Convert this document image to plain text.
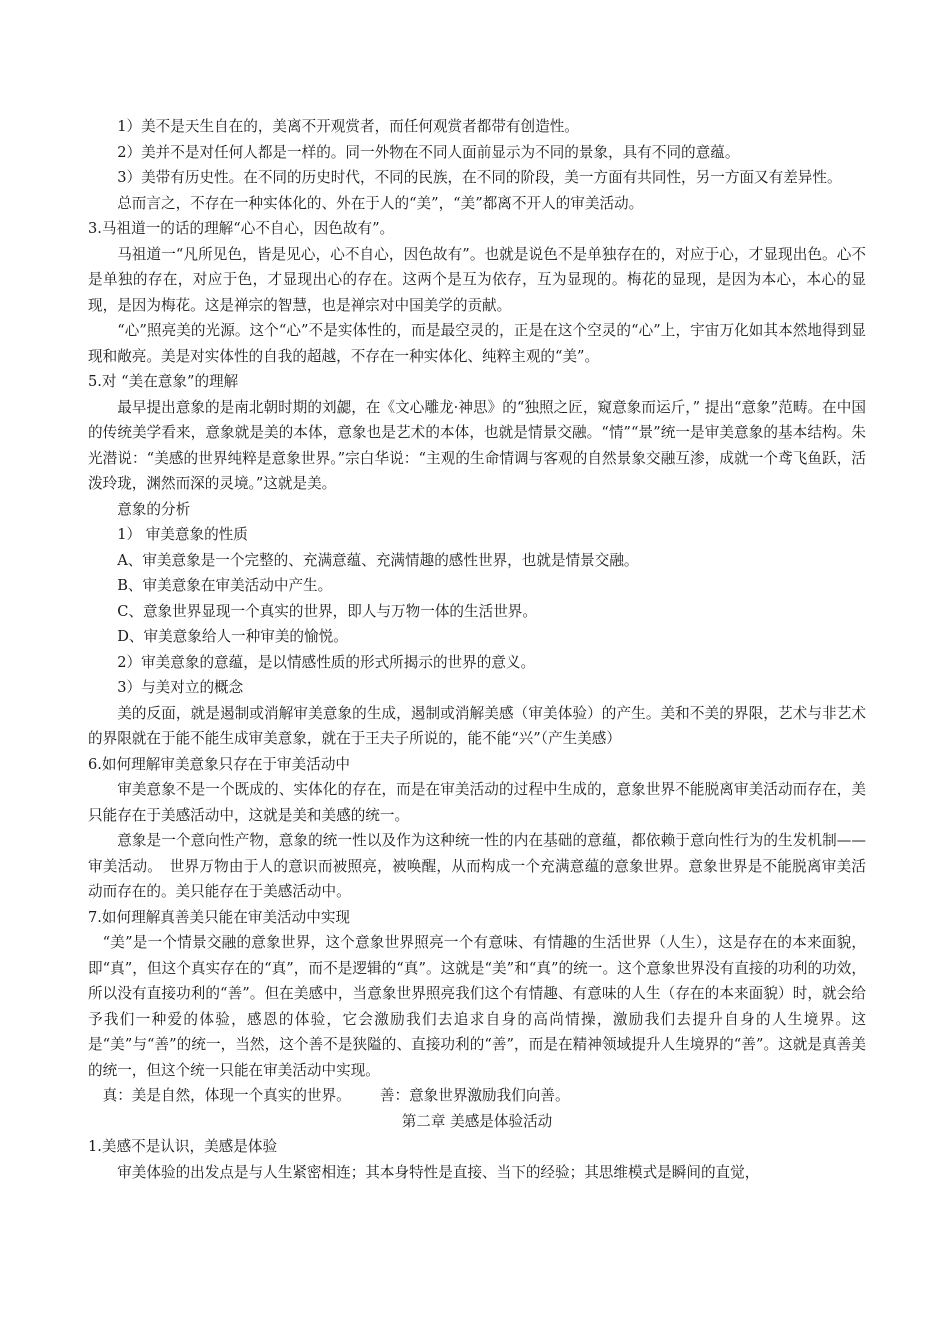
1）美不是天生自在的，美离不开观赏者，而任何观赏者都带有创造性。

2）美并不是对任何人都是一样的。同一外物在不同人面前显示为不同的景象，具有不同的意蕴。

3）美带有历史性。在不同的历史时代，不同的民族，在不同的阶段，美一方面有共同性，另一方面又有差异性。

总而言之，不存在一种实体化的、外在于人的“美”，“美”都离不开人的审美活动。

3.马祖道一的话的理解“心不自心，因色故有”。

马祖道一“凡所见色，皆是见心，心不自心，因色故有”。也就是说色不是单独存在的，对应于心，才显现出色。心不是单独的存在，对应于色，才显现出心的存在。这两个是互为依存，互为显现的。梅花的显现，是因为本心，本心的显现，是因为梅花。这是禅宗的智慧，也是禅宗对中国美学的贡献。

“心”照亮美的光源。这个“心”不是实体性的，而是最空灵的，正是在这个空灵的“心”上，宇宙万化如其本然地得到显现和敞亮。美是对实体性的自我的超越，不存在一种实体化、纯粹主观的“美”。

5.对 “美在意象”的理解

最早提出意象的是南北朝时期的刘勰，在《文心雕龙·神思》的“独照之匠，窥意象而运斤，” 提出“意象”范畴。在中国的传统美学看来，意象就是美的本体，意象也是艺术的本体，也就是情景交融。“情”“景”统一是审美意象的基本结构。朱光潜说：“美感的世界纯粹是意象世界。”宗白华说：“主观的生命情调与客观的自然景象交融互渗，成就一个鸢飞鱼跃，活泼玲珑，渊然而深的灵境。”这就是美。

意象的分析

1） 审美意象的性质

A、审美意象是一个完整的、充满意蕴、充满情趣的感性世界，也就是情景交融。

B、审美意象在审美活动中产生。

C、意象世界显现一个真实的世界，即人与万物一体的生活世界。

D、审美意象给人一种审美的愉悦。

2）审美意象的意蕴，是以情感性质的形式所揭示的世界的意义。

3）与美对立的概念

美的反面，就是遏制或消解审美意象的生成，遏制或消解美感（审美体验）的产生。美和不美的界限，艺术与非艺术的界限就在于能不能生成审美意象，就在于王夫子所说的，能不能“兴”（产生美感）

6.如何理解审美意象只存在于审美活动中

审美意象不是一个既成的、实体化的存在，而是在审美活动的过程中生成的，意象世界不能脱离审美活动而存在，美只能存在于美感活动中，这就是美和美感的统一。

意象是一个意向性产物，意象的统一性以及作为这种统一性的内在基础的意蕴，都依赖于意向性行为的生发机制——审美活动。　世界万物由于人的意识而被照亮，被唤醒，从而构成一个充满意蕴的意象世界。意象世界是不能脱离审美活动而存在的。美只能存在于美感活动中。

7.如何理解真善美只能在审美活动中实现

“美”是一个情景交融的意象世界，这个意象世界照亮一个有意味、有情趣的生活世界（人生），这是存在的本来面貌，即“真”，但这个真实存在的“真”，而不是逻辑的“真”。这就是“美”和“真”的统一。这个意象世界没有直接的功利的功效，所以没有直接功利的“善”。但在美感中，当意象世界照亮我们这个有情趣、有意味的人生（存在的本来面貌）时，就会给予我们一种爱的体验，感恩的体验，它会激励我们去追求自身的高尚情操，激励我们去提升自身的人生境界。这是“美”与“善”的统一，当然，这个善不是狭隘的、直接功利的“善”，而是在精神领域提升人生境界的“善”。这就是真善美的统一，但这个统一只能在审美活动中实现。

真：美是自然，体现一个真实的世界。 善：意象世界激励我们向善。

第二章 美感是体验活动

1.美感不是认识，美感是体验

审美体验的出发点是与人生紧密相连；其本身特性是直接、当下的经验；其思维模式是瞬间的直觉，
